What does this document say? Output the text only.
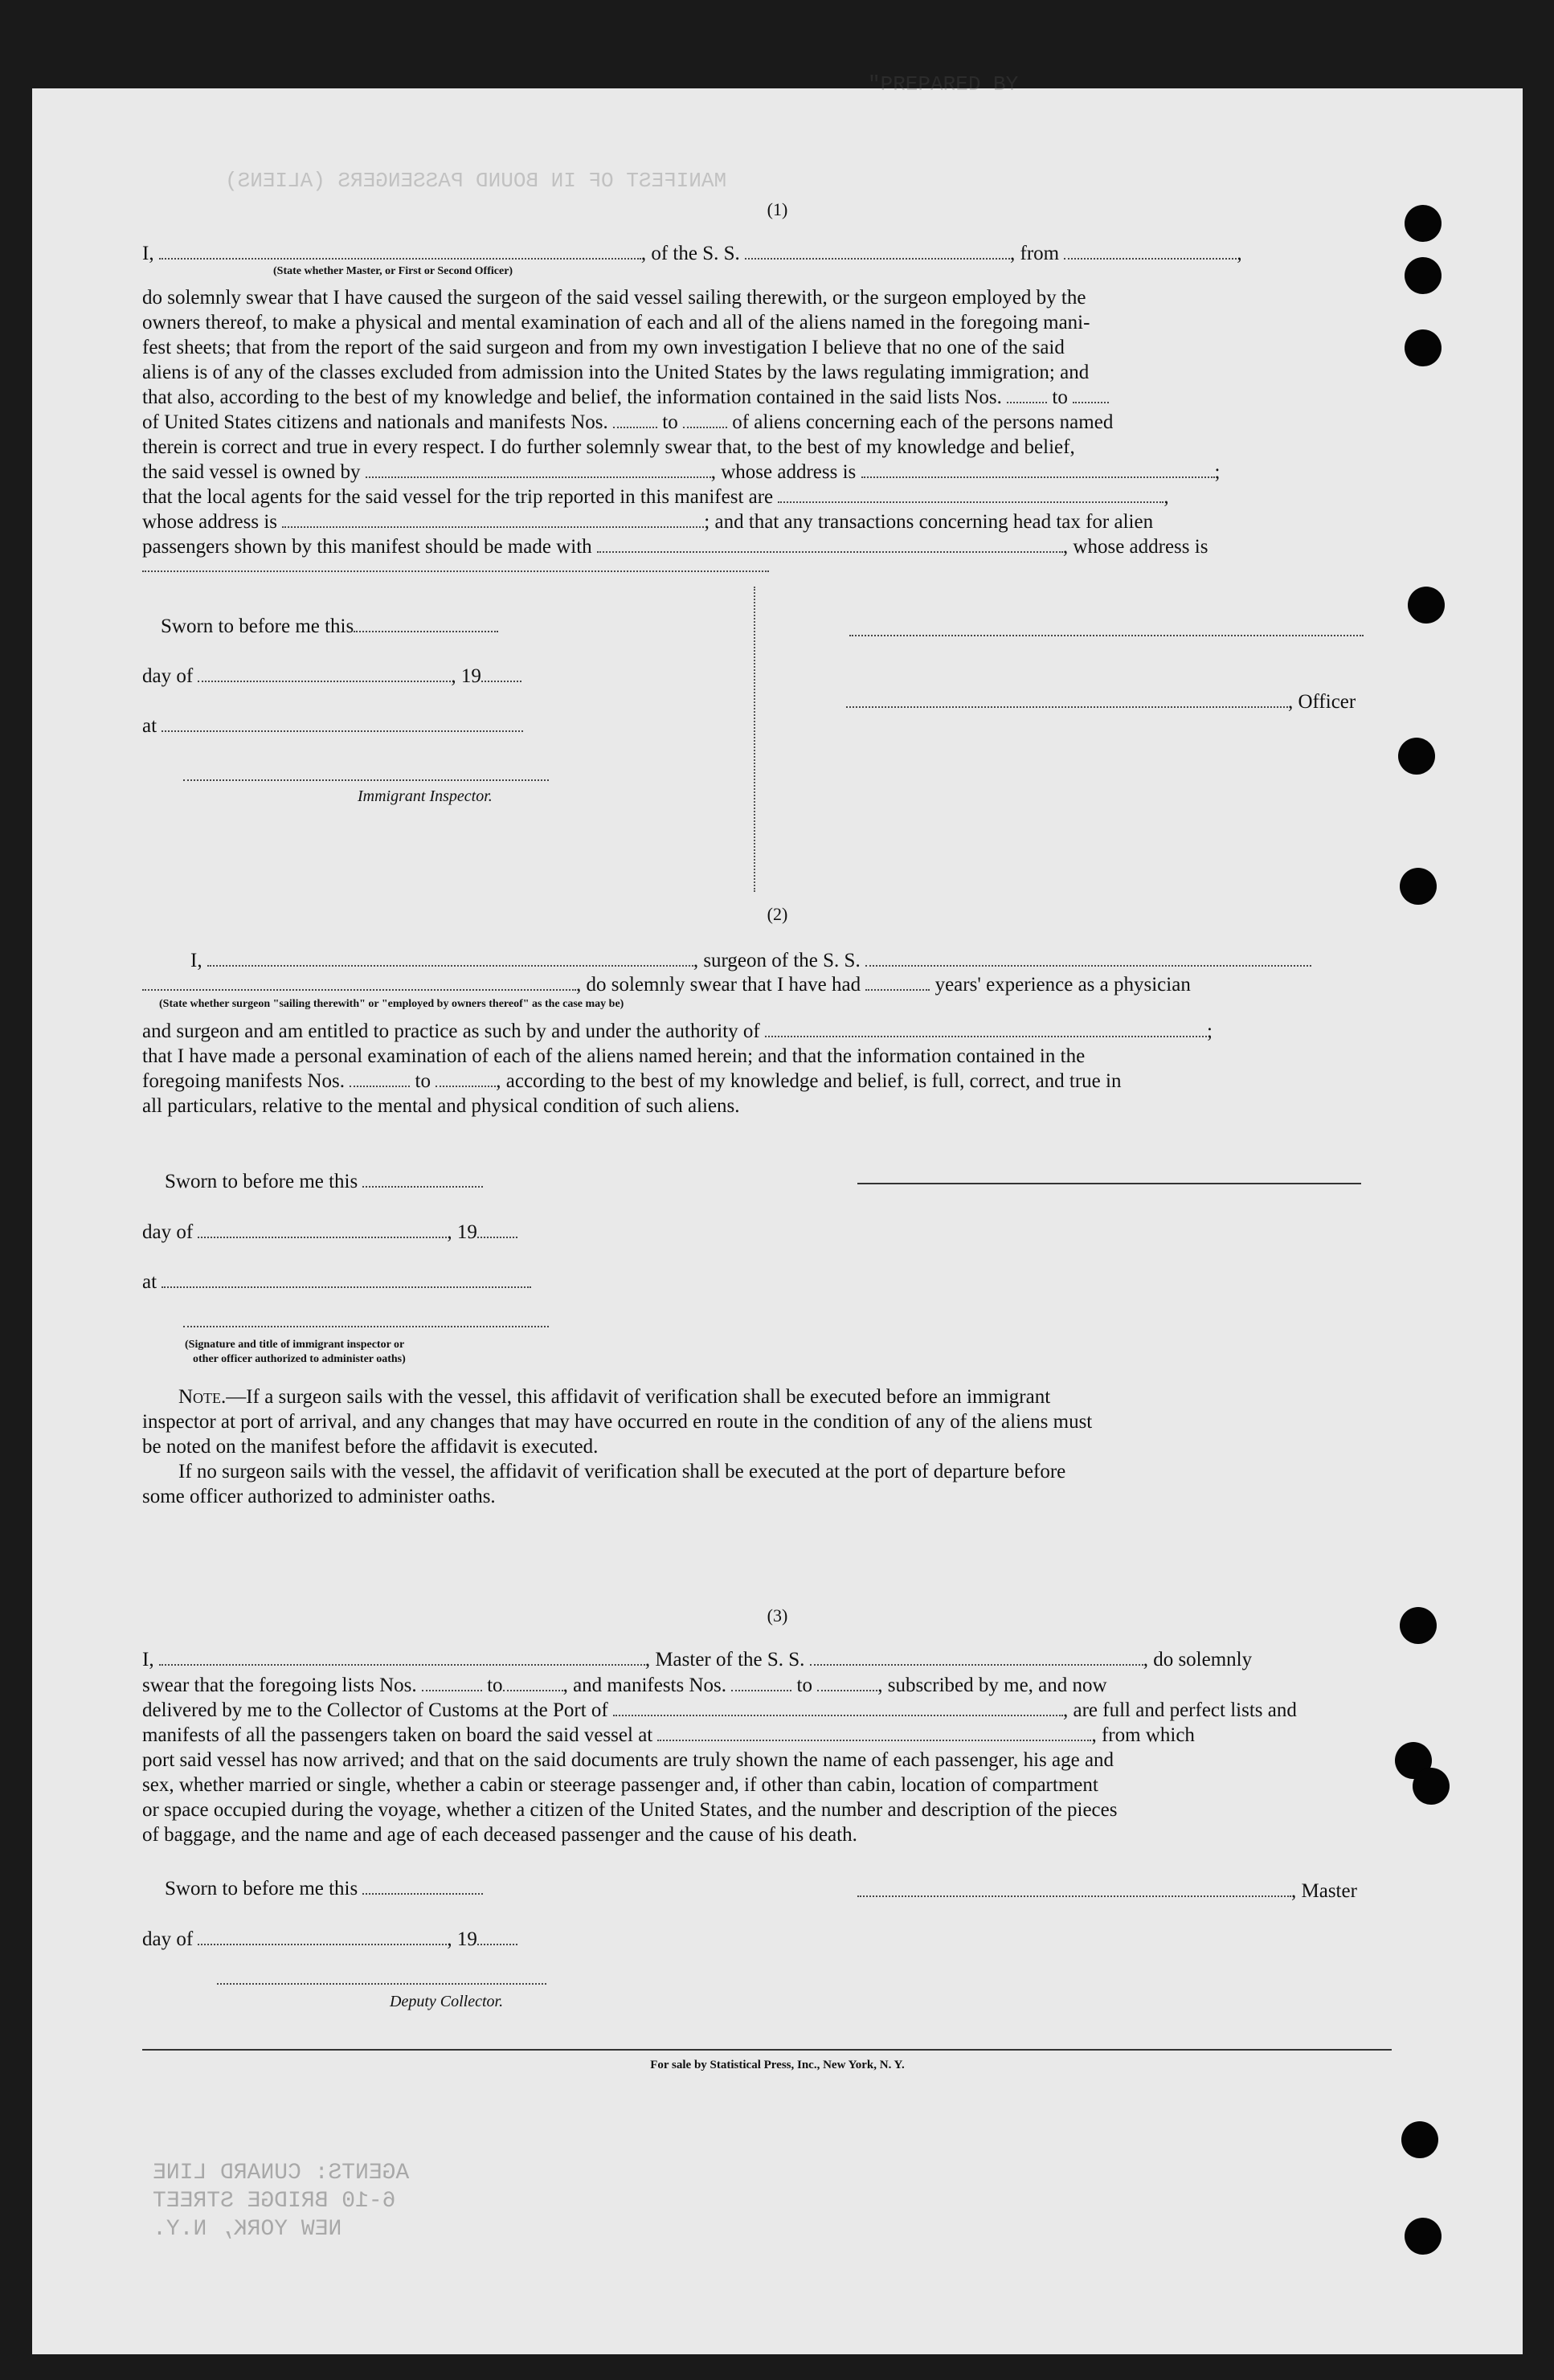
"PREPARED BY
MANIFEST OF IN BOUND PASSENGERS (ALIENS)
AGENTS: CUNARD LINE
6-10 BRIDGE STREET
NEW YORK, N.Y.
(1)
I,	, of the S. S.	, from	,
(State whether Master, or First or Second Officer)
do solemnly swear that I have caused the surgeon of the said vessel sailing therewith, or the surgeon employed by the
owners thereof, to make a physical and mental examination of each and all of the aliens named in the foregoing mani-
fest sheets; that from the report of the said surgeon and from my own investigation I believe that no one of the said
aliens is of any of the classes excluded from admission into the United States by the laws regulating immigration; and
that also, according to the best of my knowledge and belief, the information contained in the said lists Nos.	to
of United States citizens and nationals and manifests Nos.	to	of aliens concerning each of the persons named
therein is correct and true in every respect. I do further solemnly swear that, to the best of my knowledge and belief,
the said vessel is owned by	, whose address is	;
that the local agents for the said vessel for the trip reported in this manifest are	,
whose address is	; and that any transactions concerning head tax for alien
passengers shown by this manifest should be made with	, whose address is
Sworn to before me this
day of	, 19
at
Immigrant Inspector.
, Officer
(2)
I,	, surgeon of the S. S.
, do solemnly swear that I have had	years' experience as a physician
(State whether surgeon "sailing therewith" or "employed by owners thereof" as the case may be)
and surgeon and am entitled to practice as such by and under the authority of	;
that I have made a personal examination of each of the aliens named herein; and that the information contained in the
foregoing manifests Nos.	to	, according to the best of my knowledge and belief, is full, correct, and true in
all particulars, relative to the mental and physical condition of such aliens.
Sworn to before me this
day of	, 19
at
(Signature and title of immigrant inspector or
other officer authorized to administer oaths)
Note.—If a surgeon sails with the vessel, this affidavit of verification shall be executed before an immigrant
inspector at port of arrival, and any changes that may have occurred en route in the condition of any of the aliens must
be noted on the manifest before the affidavit is executed.
If no surgeon sails with the vessel, the affidavit of verification shall be executed at the port of departure before
some officer authorized to administer oaths.
(3)
I,	, Master of the S. S.	, do solemnly
swear that the foregoing lists Nos.	to	, and manifests Nos.	to	, subscribed by me, and now
delivered by me to the Collector of Customs at the Port of	, are full and perfect lists and
manifests of all the passengers taken on board the said vessel at	, from which
port said vessel has now arrived; and that on the said documents are truly shown the name of each passenger, his age and
sex, whether married or single, whether a cabin or steerage passenger and, if other than cabin, location of compartment
or space occupied during the voyage, whether a citizen of the United States, and the number and description of the pieces
of baggage, and the name and age of each deceased passenger and the cause of his death.
Sworn to before me this	, Master
day of	, 19
Deputy Collector.
For sale by Statistical Press, Inc., New York, N. Y.
